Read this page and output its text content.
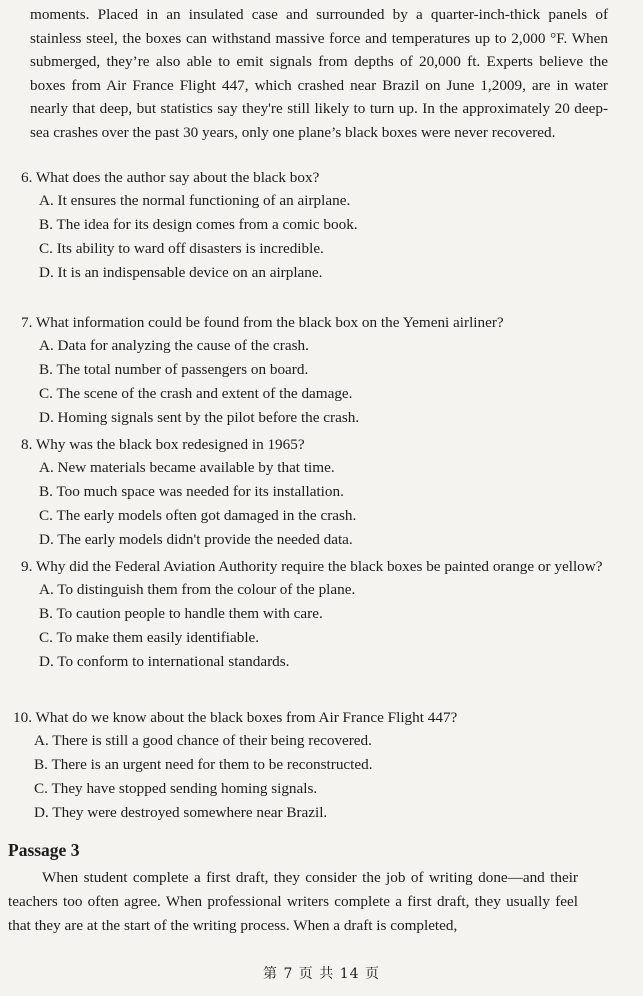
moments. Placed in an insulated case and surrounded by a quarter-inch-thick panels of stainless steel, the boxes can withstand massive force and temperatures up to 2,000 °F. When submerged, they’re also able to emit signals from depths of 20,000 ft. Experts believe the boxes from Air France Flight 447, which crashed near Brazil on June 1,2009, are in water nearly that deep, but statistics say they're still likely to turn up. In the approximately 20 deep-sea crashes over the past 30 years, only one plane’s black boxes were never recovered.

6. What does the author say about the black box?

A. It ensures the normal functioning of an airplane.

B. The idea for its design comes from a comic book.

C. Its ability to ward off disasters is incredible.

D. It is an indispensable device on an airplane.

7. What information could be found from the black box on the Yemeni airliner?

A. Data for analyzing the cause of the crash.

B. The total number of passengers on board.

C. The scene of the crash and extent of the damage.

D. Homing signals sent by the pilot before the crash.

8. Why was the black box redesigned in 1965?

A. New materials became available by that time.

B. Too much space was needed for its installation.

C. The early models often got damaged in the crash.

D. The early models didn't provide the needed data.

9. Why did the Federal Aviation Authority require the black boxes be painted orange or yellow?

A. To distinguish them from the colour of the plane.

B. To caution people to handle them with care.

C. To make them easily identifiable.

D. To conform to international standards.

10. What do we know about the black boxes from Air France Flight 447?

A. There is still a good chance of their being recovered.

B. There is an urgent need for them to be reconstructed.

C. They have stopped sending homing signals.

D. They were destroyed somewhere near Brazil.

Passage 3

When student complete a first draft, they consider the job of writing done—and their teachers too often agree. When professional writers complete a first draft, they usually feel that they are at the start of the writing process. When a draft is completed,

第 7 页 共 14 页
